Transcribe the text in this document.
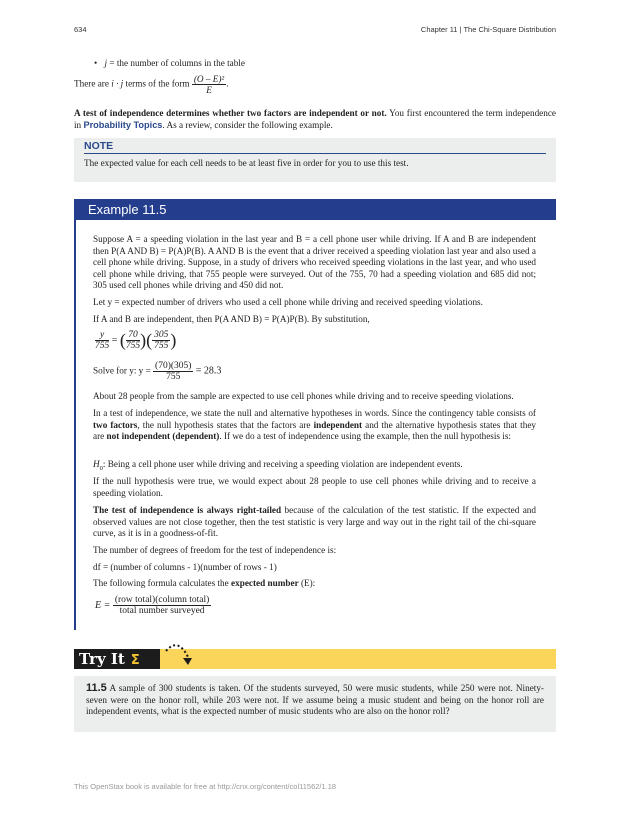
634	Chapter 11 | The Chi-Square Distribution
• j = the number of columns in the table
There are i · j terms of the form $\frac{\text{(O – E)²}}{E}$ .
A test of independence determines whether two factors are independent or not. You first encountered the term independence in Probability Topics. As a review, consider the following example.
NOTE
The expected value for each cell needs to be at least five in order for you to use this test.
Example 11.5
Suppose A = a speeding violation in the last year and B = a cell phone user while driving. If A and B are independent then P(A AND B) = P(A)P(B). A AND B is the event that a driver received a speeding violation last year and also used a cell phone while driving. Suppose, in a study of drivers who received speeding violations in the last year, and who used cell phone while driving, that 755 people were surveyed. Out of the 755, 70 had a speeding violation and 685 did not; 305 used cell phones while driving and 450 did not.
Let y = expected number of drivers who used a cell phone while driving and received speeding violations.
If A and B are independent, then P(A AND B) = P(A)P(B). By substitution,
$\frac{y}{755}$ = ( $\frac{70}{755}$ )( $\frac{305}{755}$ )
Solve for y: $y = \frac{(70)(305)}{755} = 28.3$
About 28 people from the sample are expected to use cell phones while driving and to receive speeding violations.
In a test of independence, we state the null and alternative hypotheses in words. Since the contingency table consists of two factors, the null hypothesis states that the factors are independent and the alternative hypothesis states that they are not independent (dependent). If we do a test of independence using the example, then the null hypothesis is:
$H_0$: Being a cell phone user while driving and receiving a speeding violation are independent events.
If the null hypothesis were true, we would expect about 28 people to use cell phones while driving and to receive a speeding violation.
The test of independence is always right-tailed because of the calculation of the test statistic. If the expected and observed values are not close together, then the test statistic is very large and way out in the right tail of the chi-square curve, as it is in a goodness-of-fit.
The number of degrees of freedom for the test of independence is:
df = (number of columns - 1)(number of rows - 1)
The following formula calculates the expected number (E):
$E = \frac{\text{(row total)(column total)}}{\text{total number surveyed}}$
Try It Σ
11.5 A sample of 300 students is taken. Of the students surveyed, 50 were music students, while 250 were not. Ninety-seven were on the honor roll, while 203 were not. If we assume being a music student and being on the honor roll are independent events, what is the expected number of music students who are also on the honor roll?
This OpenStax book is available for free at http://cnx.org/content/col11562/1.18
